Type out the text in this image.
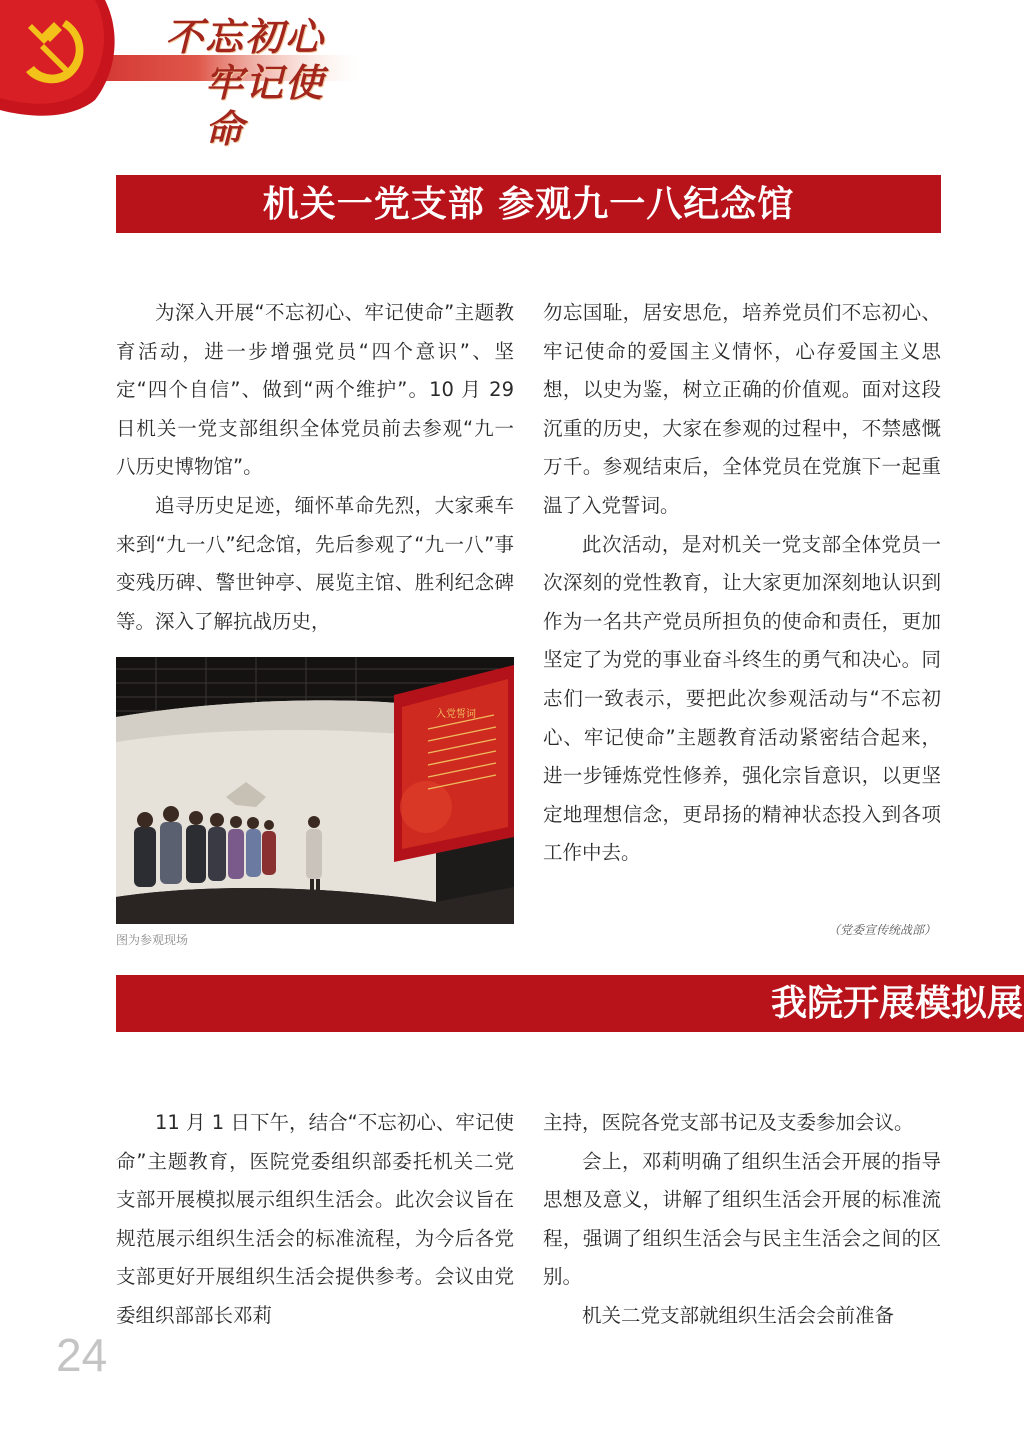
不忘初心
牢记使命
机关一党支部 参观九一八纪念馆

为深入开展“不忘初心、牢记使命”主题教育活动，进一步增强党员“四个意识”、坚定“四个自信”、做到“两个维护”。10 月 29 日机关一党支部组织全体党员前去参观“九一八历史博物馆”。

追寻历史足迹，缅怀革命先烈，大家乘车来到“九一八”纪念馆，先后参观了“九一八”事变残历碑、警世钟亭、展览主馆、胜利纪念碑等。深入了解抗战历史，

入党誓词
图为参观现场

勿忘国耻，居安思危，培养党员们不忘初心、牢记使命的爱国主义情怀，心存爱国主义思想，以史为鉴，树立正确的价值观。面对这段沉重的历史，大家在参观的过程中，不禁感慨万千。参观结束后，全体党员在党旗下一起重温了入党誓词。

此次活动，是对机关一党支部全体党员一次深刻的党性教育，让大家更加深刻地认识到作为一名共产党员所担负的使命和责任，更加坚定了为党的事业奋斗终生的勇气和决心。同志们一致表示，要把此次参观活动与“不忘初心、牢记使命”主题教育活动紧密结合起来，进一步锤炼党性修养，强化宗旨意识，以更坚定地理想信念，更昂扬的精神状态投入到各项工作中去。

（党委宣传统战部）
我院开展模拟展

11 月 1 日下午，结合“不忘初心、牢记使命”主题教育，医院党委组织部委托机关二党支部开展模拟展示组织生活会。此次会议旨在规范展示组织生活会的标准流程，为今后各党支部更好开展组织生活会提供参考。会议由党委组织部部长邓莉

主持，医院各党支部书记及支委参加会议。

会上，邓莉明确了组织生活会开展的指导思想及意义，讲解了组织生活会开展的标准流程，强调了组织生活会与民主生活会之间的区别。

机关二党支部就组织生活会会前准备

24
